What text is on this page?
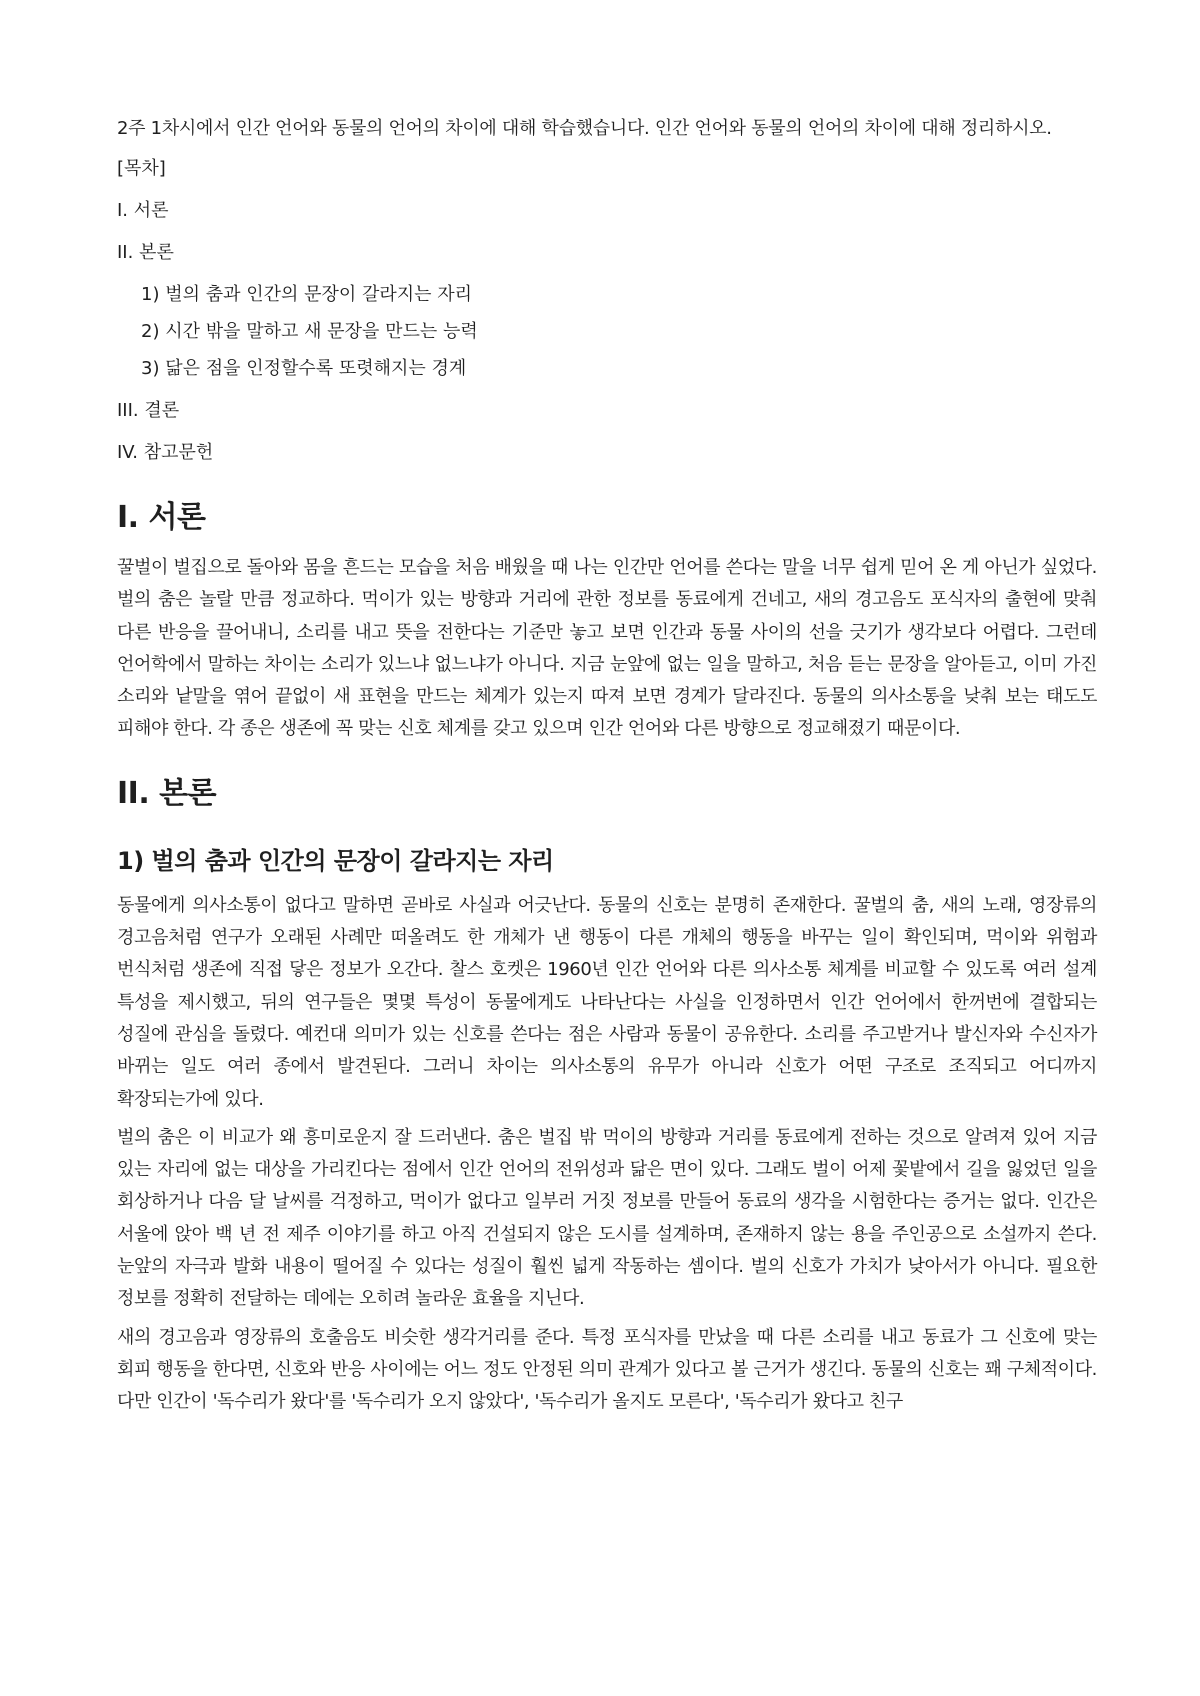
2주 1차시에서 인간 언어와 동물의 언어의 차이에 대해 학습했습니다. 인간 언어와 동물의 언어의 차이에 대해 정리하시오.

[목차]
I. 서론
II. 본론
1) 벌의 춤과 인간의 문장이 갈라지는 자리
2) 시간 밖을 말하고 새 문장을 만드는 능력
3) 닮은 점을 인정할수록 또렷해지는 경계
III. 결론
IV. 참고문헌
I. 서론

꿀벌이 벌집으로 돌아와 몸을 흔드는 모습을 처음 배웠을 때 나는 인간만 언어를 쓴다는 말을 너무 쉽게 믿어 온 게 아닌가 싶었다. 벌의 춤은 놀랄 만큼 정교하다. 먹이가 있는 방향과 거리에 관한 정보를 동료에게 건네고, 새의 경고음도 포식자의 출현에 맞춰 다른 반응을 끌어내니, 소리를 내고 뜻을 전한다는 기준만 놓고 보면 인간과 동물 사이의 선을 긋기가 생각보다 어렵다. 그런데 언어학에서 말하는 차이는 소리가 있느냐 없느냐가 아니다. 지금 눈앞에 없는 일을 말하고, 처음 듣는 문장을 알아듣고, 이미 가진 소리와 낱말을 엮어 끝없이 새 표현을 만드는 체계가 있는지 따져 보면 경계가 달라진다. 동물의 의사소통을 낮춰 보는 태도도 피해야 한다. 각 종은 생존에 꼭 맞는 신호 체계를 갖고 있으며 인간 언어와 다른 방향으로 정교해졌기 때문이다.

II. 본론
1) 벌의 춤과 인간의 문장이 갈라지는 자리

동물에게 의사소통이 없다고 말하면 곧바로 사실과 어긋난다. 동물의 신호는 분명히 존재한다. 꿀벌의 춤, 새의 노래, 영장류의 경고음처럼 연구가 오래된 사례만 떠올려도 한 개체가 낸 행동이 다른 개체의 행동을 바꾸는 일이 확인되며, 먹이와 위험과 번식처럼 생존에 직접 닿은 정보가 오간다. 찰스 호켓은 1960년 인간 언어와 다른 의사소통 체계를 비교할 수 있도록 여러 설계 특성을 제시했고, 뒤의 연구들은 몇몇 특성이 동물에게도 나타난다는 사실을 인정하면서 인간 언어에서 한꺼번에 결합되는 성질에 관심을 돌렸다. 예컨대 의미가 있는 신호를 쓴다는 점은 사람과 동물이 공유한다. 소리를 주고받거나 발신자와 수신자가 바뀌는 일도 여러 종에서 발견된다. 그러니 차이는 의사소통의 유무가 아니라 신호가 어떤 구조로 조직되고 어디까지 확장되는가에 있다.

벌의 춤은 이 비교가 왜 흥미로운지 잘 드러낸다. 춤은 벌집 밖 먹이의 방향과 거리를 동료에게 전하는 것으로 알려져 있어 지금 있는 자리에 없는 대상을 가리킨다는 점에서 인간 언어의 전위성과 닮은 면이 있다. 그래도 벌이 어제 꽃밭에서 길을 잃었던 일을 회상하거나 다음 달 날씨를 걱정하고, 먹이가 없다고 일부러 거짓 정보를 만들어 동료의 생각을 시험한다는 증거는 없다. 인간은 서울에 앉아 백 년 전 제주 이야기를 하고 아직 건설되지 않은 도시를 설계하며, 존재하지 않는 용을 주인공으로 소설까지 쓴다. 눈앞의 자극과 발화 내용이 떨어질 수 있다는 성질이 훨씬 넓게 작동하는 셈이다. 벌의 신호가 가치가 낮아서가 아니다. 필요한 정보를 정확히 전달하는 데에는 오히려 놀라운 효율을 지닌다.

새의 경고음과 영장류의 호출음도 비슷한 생각거리를 준다. 특정 포식자를 만났을 때 다른 소리를 내고 동료가 그 신호에 맞는 회피 행동을 한다면, 신호와 반응 사이에는 어느 정도 안정된 의미 관계가 있다고 볼 근거가 생긴다. 동물의 신호는 꽤 구체적이다. 다만 인간이 '독수리가 왔다'를 '독수리가 오지 않았다', '독수리가 올지도 모른다', '독수리가 왔다고 친구
